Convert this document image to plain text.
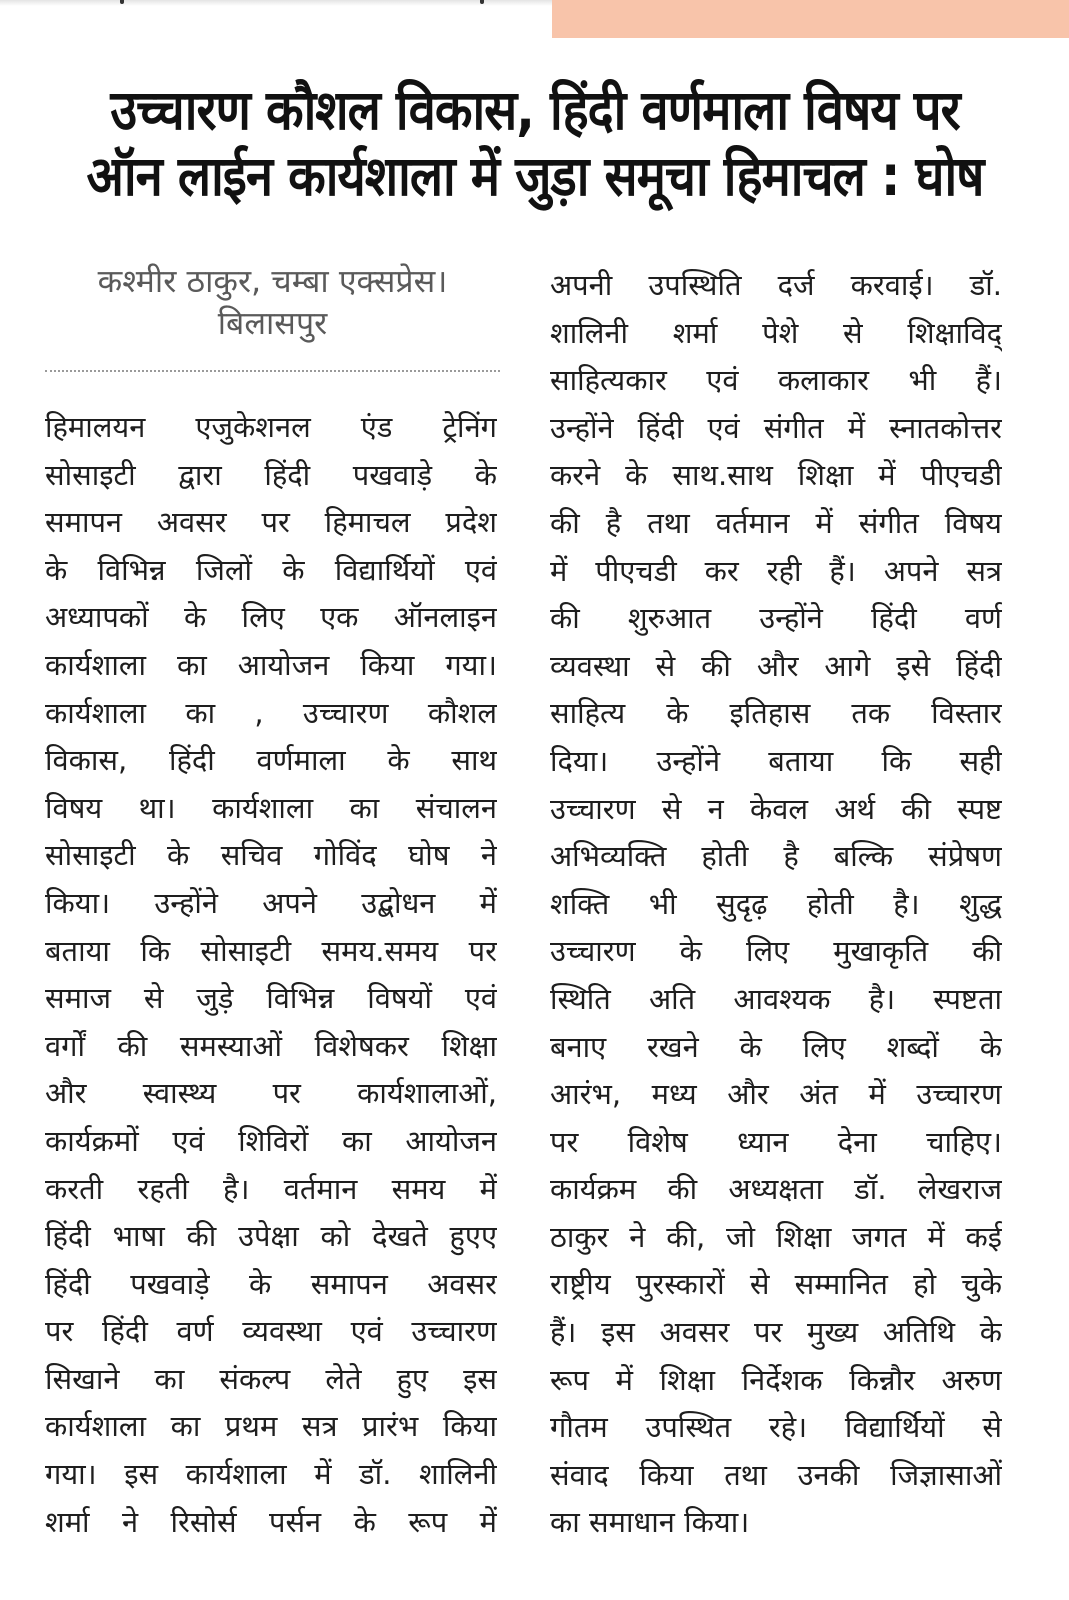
उच्चारण कौशल विकास, हिंदी वर्णमाला विषय पर
ऑन लाईन कार्यशाला में जुड़ा समूचा हिमाचल : घोष
कश्मीर ठाकुर, चम्बा एक्सप्रेस।
बिलासपुर
हिमालयन एजुकेशनल एंड ट्रेनिंग
सोसाइटी द्वारा हिंदी पखवाड़े के
समापन अवसर पर हिमाचल प्रदेश
के विभिन्न जिलों के विद्यार्थियों एवं
अध्यापकों के लिए एक ऑनलाइन
कार्यशाला का आयोजन किया गया।
कार्यशाला का , उच्चारण कौशल
विकास, हिंदी वर्णमाला के साथ
विषय था। कार्यशाला का संचालन
सोसाइटी के सचिव गोविंद घोष ने
किया। उन्होंने अपने उद्बोधन में
बताया कि सोसाइटी समय.समय पर
समाज से जुड़े विभिन्न विषयों एवं
वर्गों की समस्याओं विशेषकर शिक्षा
और स्वास्थ्य पर कार्यशालाओं,
कार्यक्रमों एवं शिविरों का आयोजन
करती रहती है। वर्तमान समय में
हिंदी भाषा की उपेक्षा को देखते हुएए
हिंदी पखवाड़े के समापन अवसर
पर हिंदी वर्ण व्यवस्था एवं उच्चारण
सिखाने का संकल्प लेते हुए इस
कार्यशाला का प्रथम सत्र प्रारंभ किया
गया। इस कार्यशाला में डॉ. शालिनी
शर्मा ने रिसोर्स पर्सन के रूप में
अपनी उपस्थिति दर्ज करवाई। डॉ.
शालिनी शर्मा पेशे से शिक्षाविद्
साहित्यकार एवं कलाकार भी हैं।
उन्होंने हिंदी एवं संगीत में स्नातकोत्तर
करने के साथ.साथ शिक्षा में पीएचडी
की है तथा वर्तमान में संगीत विषय
में पीएचडी कर रही हैं। अपने सत्र
की शुरुआत उन्होंने हिंदी वर्ण
व्यवस्था से की और आगे इसे हिंदी
साहित्य के इतिहास तक विस्तार
दिया। उन्होंने बताया कि सही
उच्चारण से न केवल अर्थ की स्पष्ट
अभिव्यक्ति होती है बल्कि संप्रेषण
शक्ति भी सुदृढ़ होती है। शुद्ध
उच्चारण के लिए मुखाकृति की
स्थिति अति आवश्यक है। स्पष्टता
बनाए रखने के लिए शब्दों के
आरंभ, मध्य और अंत में उच्चारण
पर विशेष ध्यान देना चाहिए।
कार्यक्रम की अध्यक्षता डॉ. लेखराज
ठाकुर ने की, जो शिक्षा जगत में कई
राष्ट्रीय पुरस्कारों से सम्मानित हो चुके
हैं। इस अवसर पर मुख्य अतिथि के
रूप में शिक्षा निर्देशक किन्नौर अरुण
गौतम उपस्थित रहे। विद्यार्थियों से
संवाद किया तथा उनकी जिज्ञासाओं
का समाधान किया।
